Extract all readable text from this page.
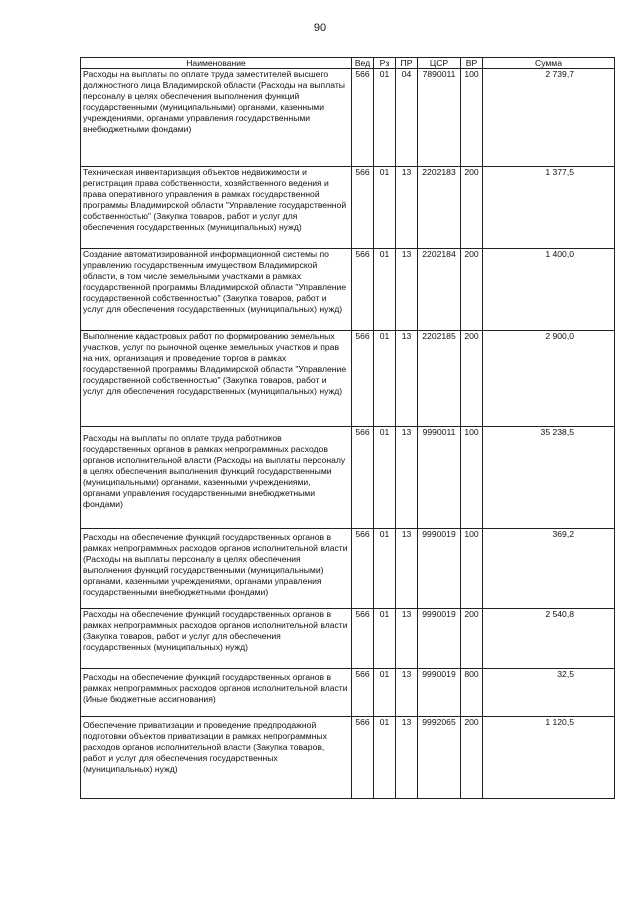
90
Наименование	Вед	Рз	ПР	ЦСР	ВР	Сумма
Расходы на выплаты по оплате труда заместителей высшего должностного лица Владимирской области (Расходы на выплаты персоналу в целях обеспечения выполнения функций государственными (муниципальными) органами, казенными учреждениями, органами управления государственными внебюджетными фондами)	566	01	04	7890011	100	2 739,7
Техническая инвентаризация объектов недвижимости и регистрация права собственности, хозяйственного ведения и права оперативного управления в рамках государственной программы Владимирской области "Управление государственной собственностью" (Закупка товаров, работ и услуг для обеспечения государственных (муниципальных) нужд)	566	01	13	2202183	200	1 377,5
Создание автоматизированной информационной системы по управлению государственным имуществом Владимирской области, в том числе земельными участками в рамках государственной программы Владимирской области "Управление государственной собственностью" (Закупка товаров, работ и услуг для обеспечения государственных (муниципальных) нужд)	566	01	13	2202184	200	1 400,0
Выполнение кадастровых работ по формированию земельных участков, услуг по рыночной оценке земельных участков и прав на них, организация и проведение торгов в рамках государственной программы Владимирской области "Управление государственной собственностью" (Закупка товаров, работ и услуг для обеспечения государственных (муниципальных) нужд)	566	01	13	2202185	200	2 900,0
Расходы на выплаты по оплате труда работников государственных органов в рамках непрограммных расходов органов исполнительной власти (Расходы на выплаты персоналу в целях обеспечения выполнения функций государственными (муниципальными) органами, казенными учреждениями, органами управления государственными внебюджетными фондами)	566	01	13	9990011	100	35 238,5
Расходы на обеспечение функций государственных органов в рамках непрограммных расходов органов исполнительной власти (Расходы на выплаты персоналу в целях обеспечения выполнения функций государственными (муниципальными) органами, казенными учреждениями, органами управления государственными внебюджетными фондами)	566	01	13	9990019	100	369,2
Расходы на обеспечение функций государственных органов в рамках непрограммных расходов органов исполнительной власти (Закупка товаров, работ и услуг для обеспечения государственных (муниципальных) нужд)	566	01	13	9990019	200	2 540,8
Расходы на обеспечение функций государственных органов в рамках непрограммных расходов органов исполнительной власти (Иные бюджетные ассигнования)	566	01	13	9990019	800	32,5
Обеспечение приватизации и проведение предпродажной подготовки объектов приватизации в рамках непрограммных расходов органов исполнительной власти (Закупка товаров, работ и услуг для обеспечения государственных (муниципальных) нужд)	566	01	13	9992065	200	1 120,5
